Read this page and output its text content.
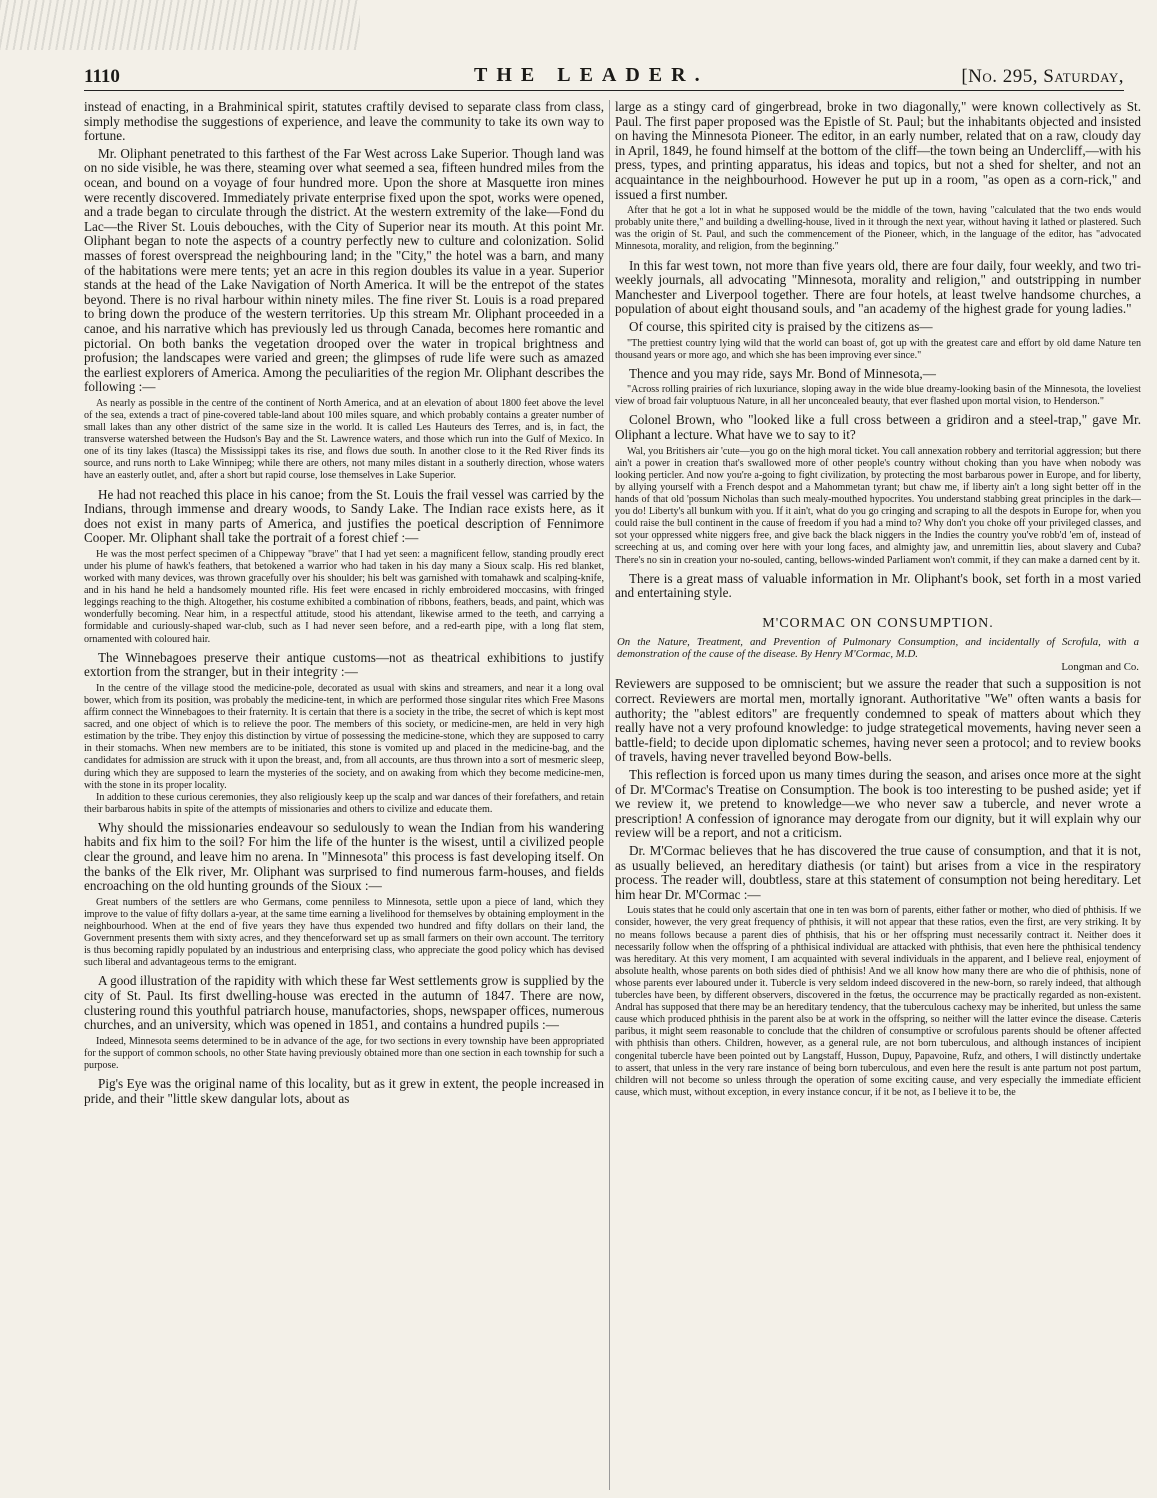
1110	THE LEADER.	[No. 295, Saturday,

instead of enacting, in a Brahminical spirit, statutes craftily devised to separate class from class, simply methodise the suggestions of experience, and leave the community to take its own way to fortune.

Mr. Oliphant penetrated to this farthest of the Far West across Lake Superior. Though land was on no side visible, he was there, steaming over what seemed a sea, fifteen hundred miles from the ocean, and bound on a voyage of four hundred more. Upon the shore at Masquette iron mines were recently discovered. Immediately private enterprise fixed upon the spot, works were opened, and a trade began to circulate through the district. At the western extremity of the lake—Fond du Lac—the River St. Louis debouches, with the City of Superior near its mouth. At this point Mr. Oliphant began to note the aspects of a country perfectly new to culture and colonization. Solid masses of forest overspread the neighbouring land; in the "City," the hotel was a barn, and many of the habitations were mere tents; yet an acre in this region doubles its value in a year. Superior stands at the head of the Lake Navigation of North America. It will be the entrepot of the states beyond. There is no rival harbour within ninety miles. The fine river St. Louis is a road prepared to bring down the produce of the western territories. Up this stream Mr. Oliphant proceeded in a canoe, and his narrative which has previously led us through Canada, becomes here romantic and pictorial. On both banks the vegetation drooped over the water in tropical brightness and profusion; the landscapes were varied and green; the glimpses of rude life were such as amazed the earliest explorers of America. Among the peculiarities of the region Mr. Oliphant describes the following :—

As nearly as possible in the centre of the continent of North America, and at an elevation of about 1800 feet above the level of the sea, extends a tract of pine-covered table-land about 100 miles square, and which probably contains a greater number of small lakes than any other district of the same size in the world. It is called Les Hauteurs des Terres, and is, in fact, the transverse watershed between the Hudson's Bay and the St. Lawrence waters, and those which run into the Gulf of Mexico. In one of its tiny lakes (Itasca) the Mississippi takes its rise, and flows due south. In another close to it the Red River finds its source, and runs north to Lake Winnipeg; while there are others, not many miles distant in a southerly direction, whose waters have an easterly outlet, and, after a short but rapid course, lose themselves in Lake Superior.

He had not reached this place in his canoe; from the St. Louis the frail vessel was carried by the Indians, through immense and dreary woods, to Sandy Lake. The Indian race exists here, as it does not exist in many parts of America, and justifies the poetical description of Fennimore Cooper. Mr. Oliphant shall take the portrait of a forest chief :—

He was the most perfect specimen of a Chippeway "brave" that I had yet seen: a magnificent fellow, standing proudly erect under his plume of hawk's feathers, that betokened a warrior who had taken in his day many a Sioux scalp. His red blanket, worked with many devices, was thrown gracefully over his shoulder; his belt was garnished with tomahawk and scalping-knife, and in his hand he held a handsomely mounted rifle. His feet were encased in richly embroidered moccasins, with fringed leggings reaching to the thigh. Altogether, his costume exhibited a combination of ribbons, feathers, beads, and paint, which was wonderfully becoming. Near him, in a respectful attitude, stood his attendant, likewise armed to the teeth, and carrying a formidable and curiously-shaped war-club, such as I had never seen before, and a red-earth pipe, with a long flat stem, ornamented with coloured hair.

The Winnebagoes preserve their antique customs—not as theatrical exhibitions to justify extortion from the stranger, but in their integrity :—

In the centre of the village stood the medicine-pole, decorated as usual with skins and streamers, and near it a long oval bower, which from its position, was probably the medicine-tent, in which are performed those singular rites which Free Masons affirm connect the Winnebagoes to their fraternity. It is certain that there is a society in the tribe, the secret of which is kept most sacred, and one object of which is to relieve the poor. The members of this society, or medicine-men, are held in very high estimation by the tribe. They enjoy this distinction by virtue of possessing the medicine-stone, which they are supposed to carry in their stomachs. When new members are to be initiated, this stone is vomited up and placed in the medicine-bag, and the candidates for admission are struck with it upon the breast, and, from all accounts, are thus thrown into a sort of mesmeric sleep, during which they are supposed to learn the mysteries of the society, and on awaking from which they become medicine-men, with the stone in its proper locality.

In addition to these curious ceremonies, they also religiously keep up the scalp and war dances of their forefathers, and retain their barbarous habits in spite of the attempts of missionaries and others to civilize and educate them.

Why should the missionaries endeavour so sedulously to wean the Indian from his wandering habits and fix him to the soil? For him the life of the hunter is the wisest, until a civilized people clear the ground, and leave him no arena. In "Minnesota" this process is fast developing itself. On the banks of the Elk river, Mr. Oliphant was surprised to find numerous farm-houses, and fields encroaching on the old hunting grounds of the Sioux :—

Great numbers of the settlers are who Germans, come penniless to Minnesota, settle upon a piece of land, which they improve to the value of fifty dollars a-year, at the same time earning a livelihood for themselves by obtaining employment in the neighbourhood. When at the end of five years they have thus expended two hundred and fifty dollars on their land, the Government presents them with sixty acres, and they thenceforward set up as small farmers on their own account. The territory is thus becoming rapidly populated by an industrious and enterprising class, who appreciate the good policy which has devised such liberal and advantageous terms to the emigrant.

A good illustration of the rapidity with which these far West settlements grow is supplied by the city of St. Paul. Its first dwelling-house was erected in the autumn of 1847. There are now, clustering round this youthful patriarch house, manufactories, shops, newspaper offices, numerous churches, and an university, which was opened in 1851, and contains a hundred pupils :—

Indeed, Minnesota seems determined to be in advance of the age, for two sections in every township have been appropriated for the support of common schools, no other State having previously obtained more than one section in each township for such a purpose.

Pig's Eye was the original name of this locality, but as it grew in extent, the people increased in pride, and their "little skew dangular lots, about as

large as a stingy card of gingerbread, broke in two diagonally," were known collectively as St. Paul. The first paper proposed was the Epistle of St. Paul; but the inhabitants objected and insisted on having the Minnesota Pioneer. The editor, in an early number, related that on a raw, cloudy day in April, 1849, he found himself at the bottom of the cliff—the town being an Undercliff,—with his press, types, and printing apparatus, his ideas and topics, but not a shed for shelter, and not an acquaintance in the neighbourhood. However he put up in a room, "as open as a corn-rick," and issued a first number.

After that he got a lot in what he supposed would be the middle of the town, having "calculated that the two ends would probably unite there," and building a dwelling-house, lived in it through the next year, without having it lathed or plastered. Such was the origin of St. Paul, and such the commencement of the Pioneer, which, in the language of the editor, has "advocated Minnesota, morality, and religion, from the beginning."

In this far west town, not more than five years old, there are four daily, four weekly, and two tri-weekly journals, all advocating "Minnesota, morality and religion," and outstripping in number Manchester and Liverpool together. There are four hotels, at least twelve handsome churches, a population of about eight thousand souls, and "an academy of the highest grade for young ladies."

Of course, this spirited city is praised by the citizens as—

"The prettiest country lying wild that the world can boast of, got up with the greatest care and effort by old dame Nature ten thousand years or more ago, and which she has been improving ever since."

Thence and you may ride, says Mr. Bond of Minnesota,—

"Across rolling prairies of rich luxuriance, sloping away in the wide blue dreamy-looking basin of the Minnesota, the loveliest view of broad fair voluptuous Nature, in all her unconcealed beauty, that ever flashed upon mortal vision, to Henderson."

Colonel Brown, who "looked like a full cross between a gridiron and a steel-trap," gave Mr. Oliphant a lecture. What have we to say to it?

Wal, you Britishers air 'cute—you go on the high moral ticket. You call annexation robbery and territorial aggression; but there ain't a power in creation that's swallowed more of other people's country without choking than you have when nobody was looking perticler. And now you're a-going to fight civilization, by protecting the most barbarous power in Europe, and for liberty, by allying yourself with a French despot and a Mahommetan tyrant; but chaw me, if liberty ain't a long sight better off in the hands of that old 'possum Nicholas than such mealy-mouthed hypocrites. You understand stabbing great principles in the dark—you do! Liberty's all bunkum with you. If it ain't, what do you go cringing and scraping to all the despots in Europe for, when you could raise the bull continent in the cause of freedom if you had a mind to? Why don't you choke off your privileged classes, and sot your oppressed white niggers free, and give back the black niggers in the Indies the country you've robb'd 'em of, instead of screeching at us, and coming over here with your long faces, and almighty jaw, and unremittin lies, about slavery and Cuba? There's no sin in creation your no-souled, canting, bellows-winded Parliament won't commit, if they can make a darned cent by it.

There is a great mass of valuable information in Mr. Oliphant's book, set forth in a most varied and entertaining style.

M'CORMAC ON CONSUMPTION.
On the Nature, Treatment, and Prevention of Pulmonary Consumption, and incidentally of Scrofula, with a demonstration of the cause of the disease. By Henry M'Cormac, M.D.
Longman and Co.

Reviewers are supposed to be omniscient; but we assure the reader that such a supposition is not correct. Reviewers are mortal men, mortally ignorant. Authoritative "We" often wants a basis for authority; the "ablest editors" are frequently condemned to speak of matters about which they really have not a very profound knowledge: to judge strategetical movements, having never seen a battle-field; to decide upon diplomatic schemes, having never seen a protocol; and to review books of travels, having never travelled beyond Bow-bells.

This reflection is forced upon us many times during the season, and arises once more at the sight of Dr. M'Cormac's Treatise on Consumption. The book is too interesting to be pushed aside; yet if we review it, we pretend to knowledge—we who never saw a tubercle, and never wrote a prescription! A confession of ignorance may derogate from our dignity, but it will explain why our review will be a report, and not a criticism.

Dr. M'Cormac believes that he has discovered the true cause of consumption, and that it is not, as usually believed, an hereditary diathesis (or taint) but arises from a vice in the respiratory process. The reader will, doubtless, stare at this statement of consumption not being hereditary. Let him hear Dr. M'Cormac :—

Louis states that he could only ascertain that one in ten was born of parents, either father or mother, who died of phthisis. If we consider, however, the very great frequency of phthisis, it will not appear that these ratios, even the first, are very striking. It by no means follows because a parent dies of phthisis, that his or her offspring must necessarily contract it. Neither does it necessarily follow when the offspring of a phthisical individual are attacked with phthisis, that even here the phthisical tendency was hereditary. At this very moment, I am acquainted with several individuals in the apparent, and I believe real, enjoyment of absolute health, whose parents on both sides died of phthisis! And we all know how many there are who die of phthisis, none of whose parents ever laboured under it. Tubercle is very seldom indeed discovered in the new-born, so rarely indeed, that although tubercles have been, by different observers, discovered in the fœtus, the occurrence may be practically regarded as non-existent. Andral has supposed that there may be an hereditary tendency, that the tuberculous cachexy may be inherited, but unless the same cause which produced phthisis in the parent also be at work in the offspring, so neither will the latter evince the disease. Cæteris paribus, it might seem reasonable to conclude that the children of consumptive or scrofulous parents should be oftener affected with phthisis than others. Children, however, as a general rule, are not born tuberculous, and although instances of incipient congenital tubercle have been pointed out by Langstaff, Husson, Dupuy, Papavoine, Rufz, and others, I will distinctly undertake to assert, that unless in the very rare instance of being born tuberculous, and even here the result is ante partum not post partum, children will not become so unless through the operation of some exciting cause, and very especially the immediate efficient cause, which must, without exception, in every instance concur, if it be not, as I believe it to be, the
